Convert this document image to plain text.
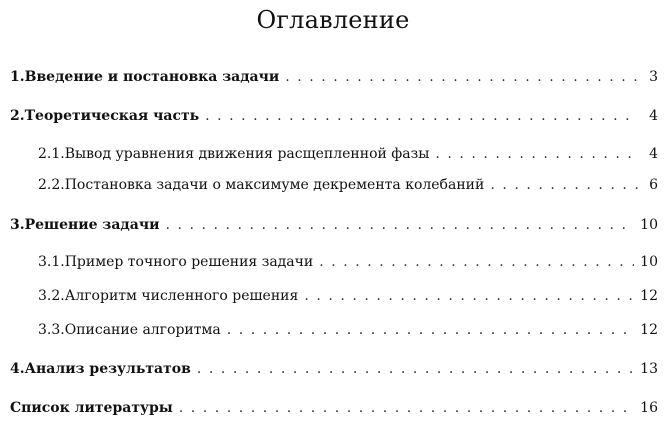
Оглавление
1. Введение и постановка задачи . . .	3
2. Теоретическая часть . . .	4
2.1. Вывод уравнения движения расщепленной фазы . . .	4
2.2. Постановка задачи о максимуме декремента колебаний . . .	6
3. Решение задачи . . .	10
3.1. Пример точного решения задачи . . .	10
3.2. Алгоритм численного решения . . .	12
3.3. Описание алгоритма . . .	12
4. Анализ результатов . . .	13
Список литературы . . .	16
